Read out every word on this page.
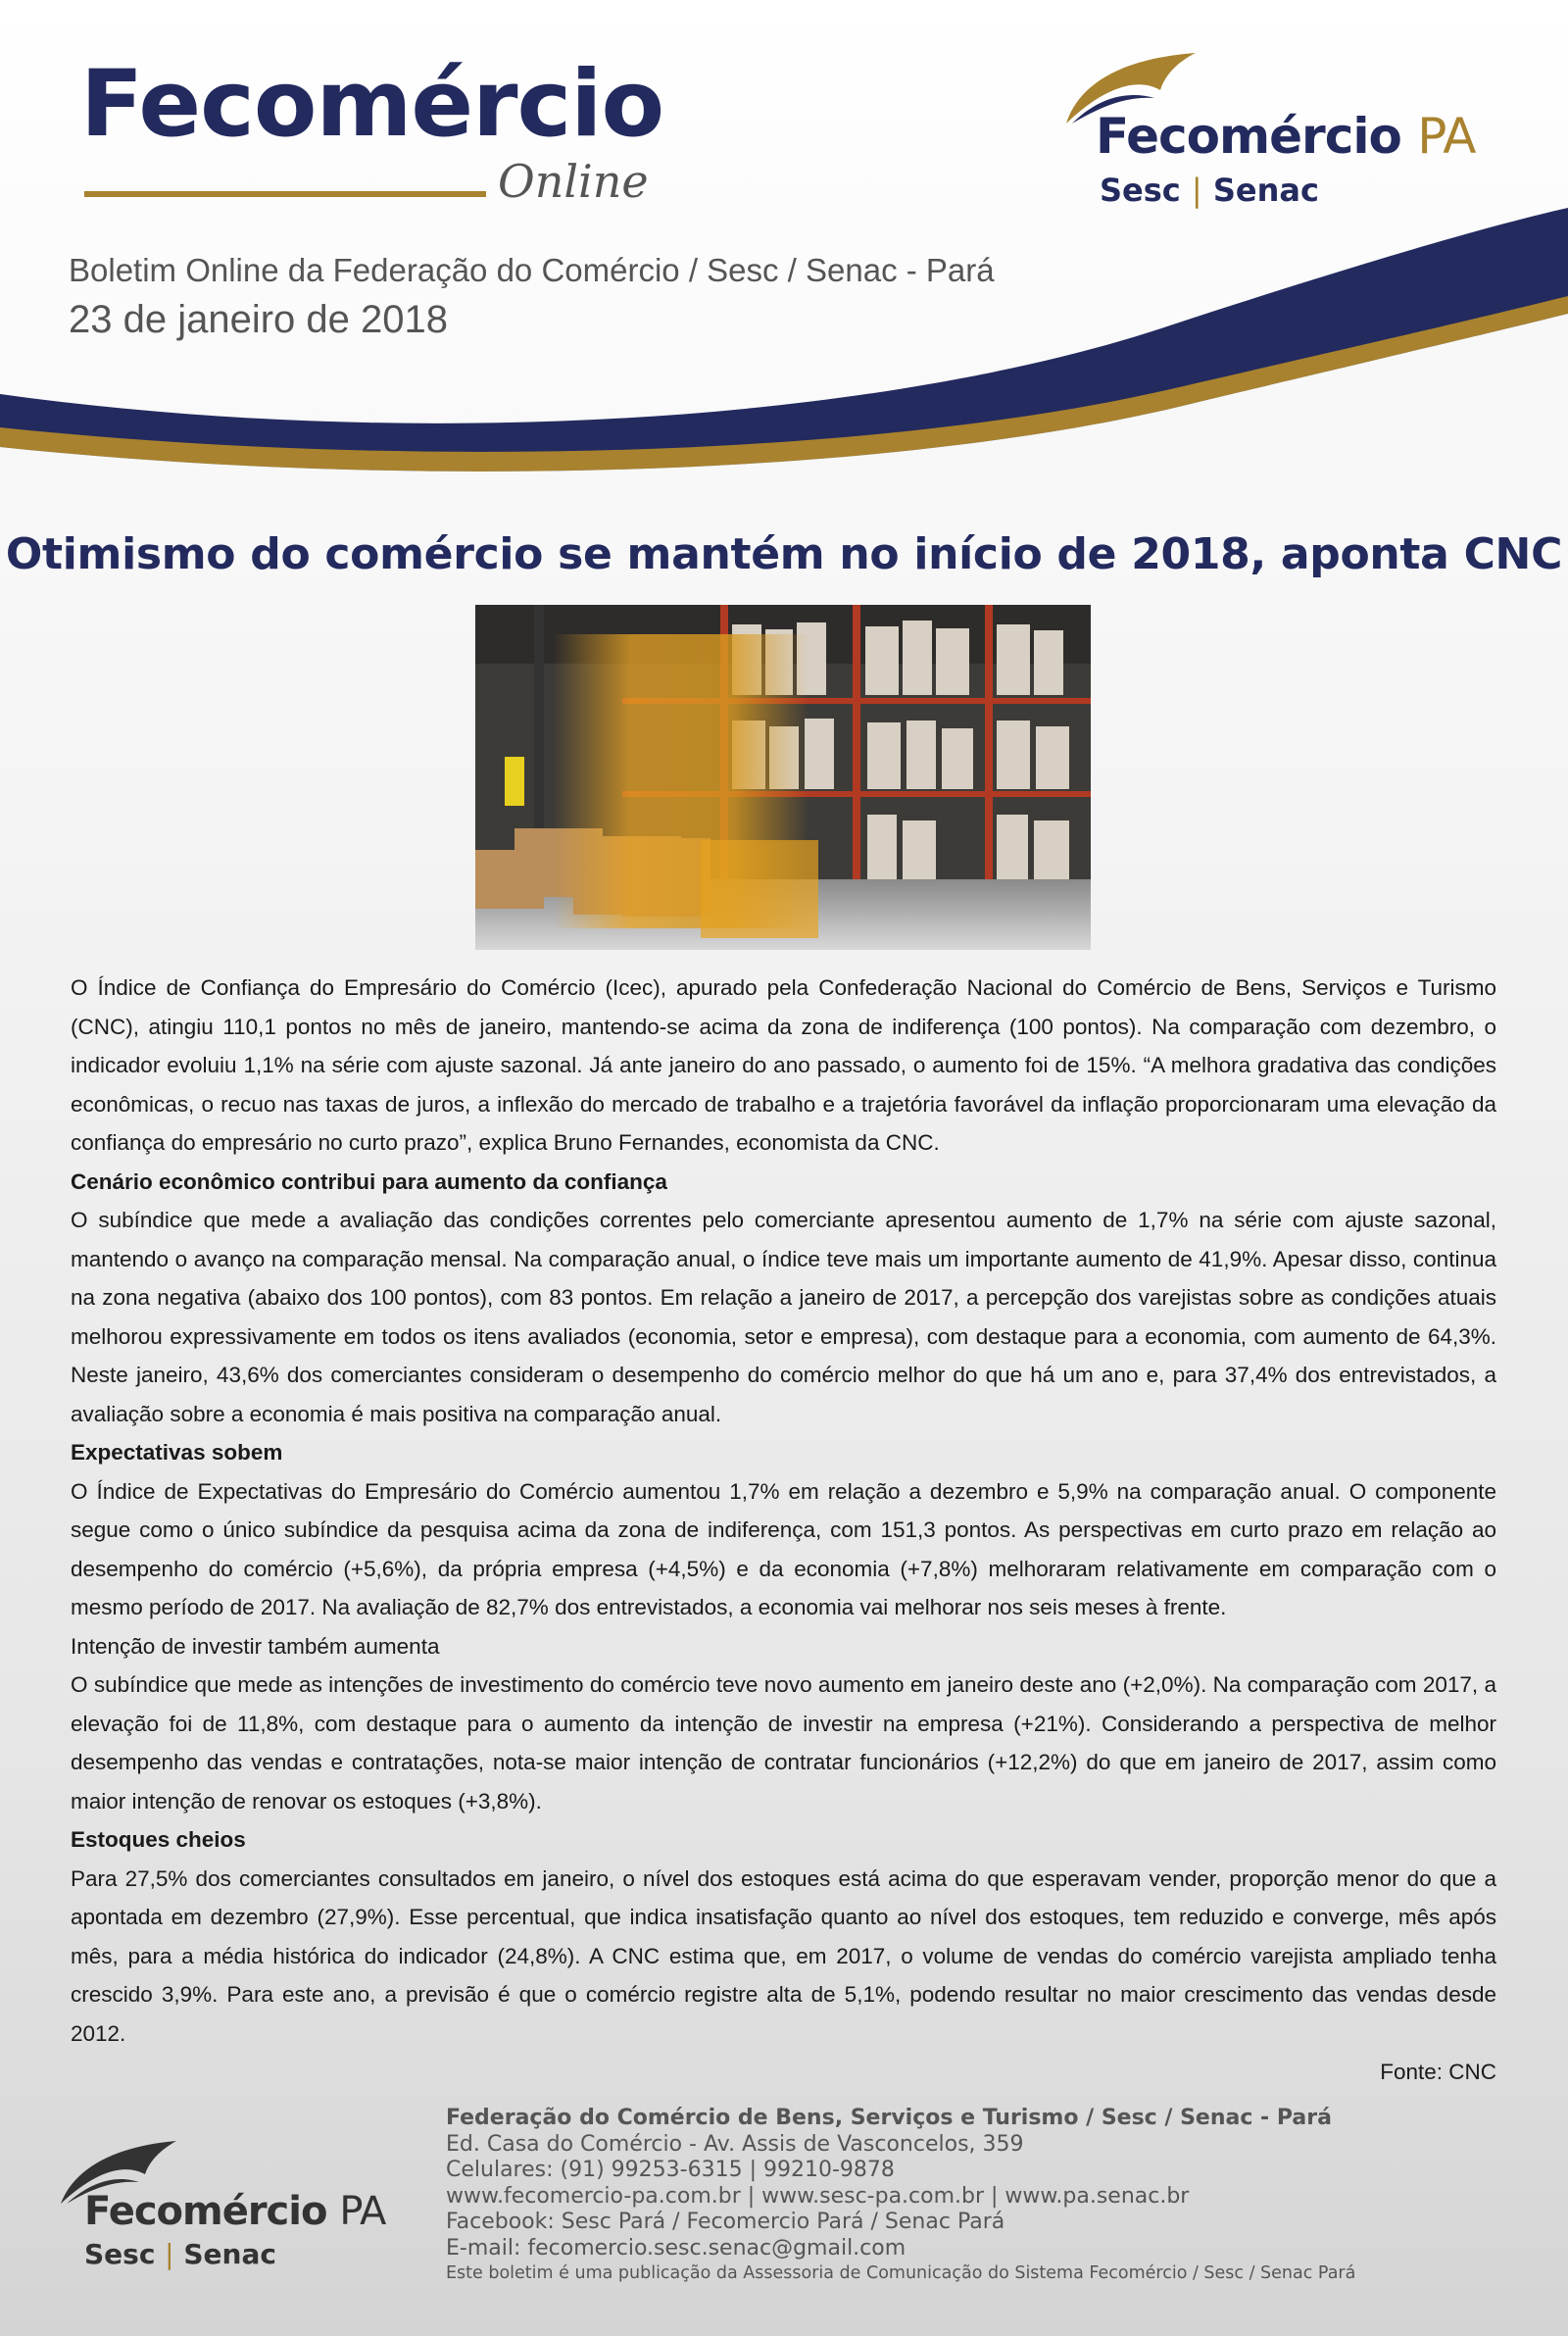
Fecomércio
Online
Boletim Online da Federação do Comércio / Sesc / Senac - Pará
23 de janeiro de 2018
Fecomércio PA
Sesc | Senac
Otimismo do comércio se mantém no início de 2018, aponta CNC

O Índice de Confiança do Empresário do Comércio (Icec), apurado pela Confederação Nacional do Comércio de Bens, Serviços e Turismo (CNC), atingiu 110,1 pontos no mês de janeiro, mantendo-se acima da zona de indiferença (100 pontos). Na comparação com dezembro, o indicador evoluiu 1,1% na série com ajuste sazonal. Já ante janeiro do ano passado, o aumento foi de 15%. “A melhora gradativa das condições econômicas, o recuo nas taxas de juros, a inflexão do mercado de trabalho e a trajetória favorável da inflação proporcionaram uma elevação da confiança do empresário no curto prazo”, explica Bruno Fernandes, economista da CNC.

Cenário econômico contribui para aumento da confiança

O subíndice que mede a avaliação das condições correntes pelo comerciante apresentou aumento de 1,7% na série com ajuste sazonal, mantendo o avanço na comparação mensal. Na comparação anual, o índice teve mais um importante aumento de 41,9%. Apesar disso, continua na zona negativa (abaixo dos 100 pontos), com 83 pontos. Em relação a janeiro de 2017, a percepção dos varejistas sobre as condições atuais melhorou expressivamente em todos os itens avaliados (economia, setor e empresa), com destaque para a economia, com aumento de 64,3%. Neste janeiro, 43,6% dos comerciantes consideram o desempenho do comércio melhor do que há um ano e, para 37,4% dos entrevistados, a avaliação sobre a economia é mais positiva na comparação anual.

Expectativas sobem

O Índice de Expectativas do Empresário do Comércio aumentou 1,7% em relação a dezembro e 5,9% na comparação anual. O componente segue como o único subíndice da pesquisa acima da zona de indiferença, com 151,3 pontos. As perspectivas em curto prazo em relação ao desempenho do comércio (+5,6%), da própria empresa (+4,5%) e da economia (+7,8%) melhoraram relativamente em comparação com o mesmo período de 2017. Na avaliação de 82,7% dos entrevistados, a economia vai melhorar nos seis meses à frente.

Intenção de investir também aumenta

O subíndice que mede as intenções de investimento do comércio teve novo aumento em janeiro deste ano (+2,0%). Na comparação com 2017, a elevação foi de 11,8%, com destaque para o aumento da intenção de investir na empresa (+21%). Considerando a perspectiva de melhor desempenho das vendas e contratações, nota-se maior intenção de contratar funcionários (+12,2%) do que em janeiro de 2017, assim como maior intenção de renovar os estoques (+3,8%).

Estoques cheios

Para 27,5% dos comerciantes consultados em janeiro, o nível dos estoques está acima do que esperavam vender, proporção menor do que a apontada em dezembro (27,9%). Esse percentual, que indica insatisfação quanto ao nível dos estoques, tem reduzido e converge, mês após mês, para a média histórica do indicador (24,8%). A CNC estima que, em 2017, o volume de vendas do comércio varejista ampliado tenha crescido 3,9%. Para este ano, a previsão é que o comércio registre alta de 5,1%, podendo resultar no maior crescimento das vendas desde 2012.

Fonte: CNC

Fecomércio PA
Sesc | Senac
Federação do Comércio de Bens, Serviços e Turismo / Sesc / Senac - Pará
Ed. Casa do Comércio - Av. Assis de Vasconcelos, 359
Celulares: (91) 99253-6315 | 99210-9878
www.fecomercio-pa.com.br | www.sesc-pa.com.br | www.pa.senac.br
Facebook: Sesc Pará / Fecomercio Pará / Senac Pará
E-mail: fecomercio.sesc.senac@gmail.com
Este boletim é uma publicação da Assessoria de Comunicação do Sistema Fecomércio / Sesc / Senac Pará
